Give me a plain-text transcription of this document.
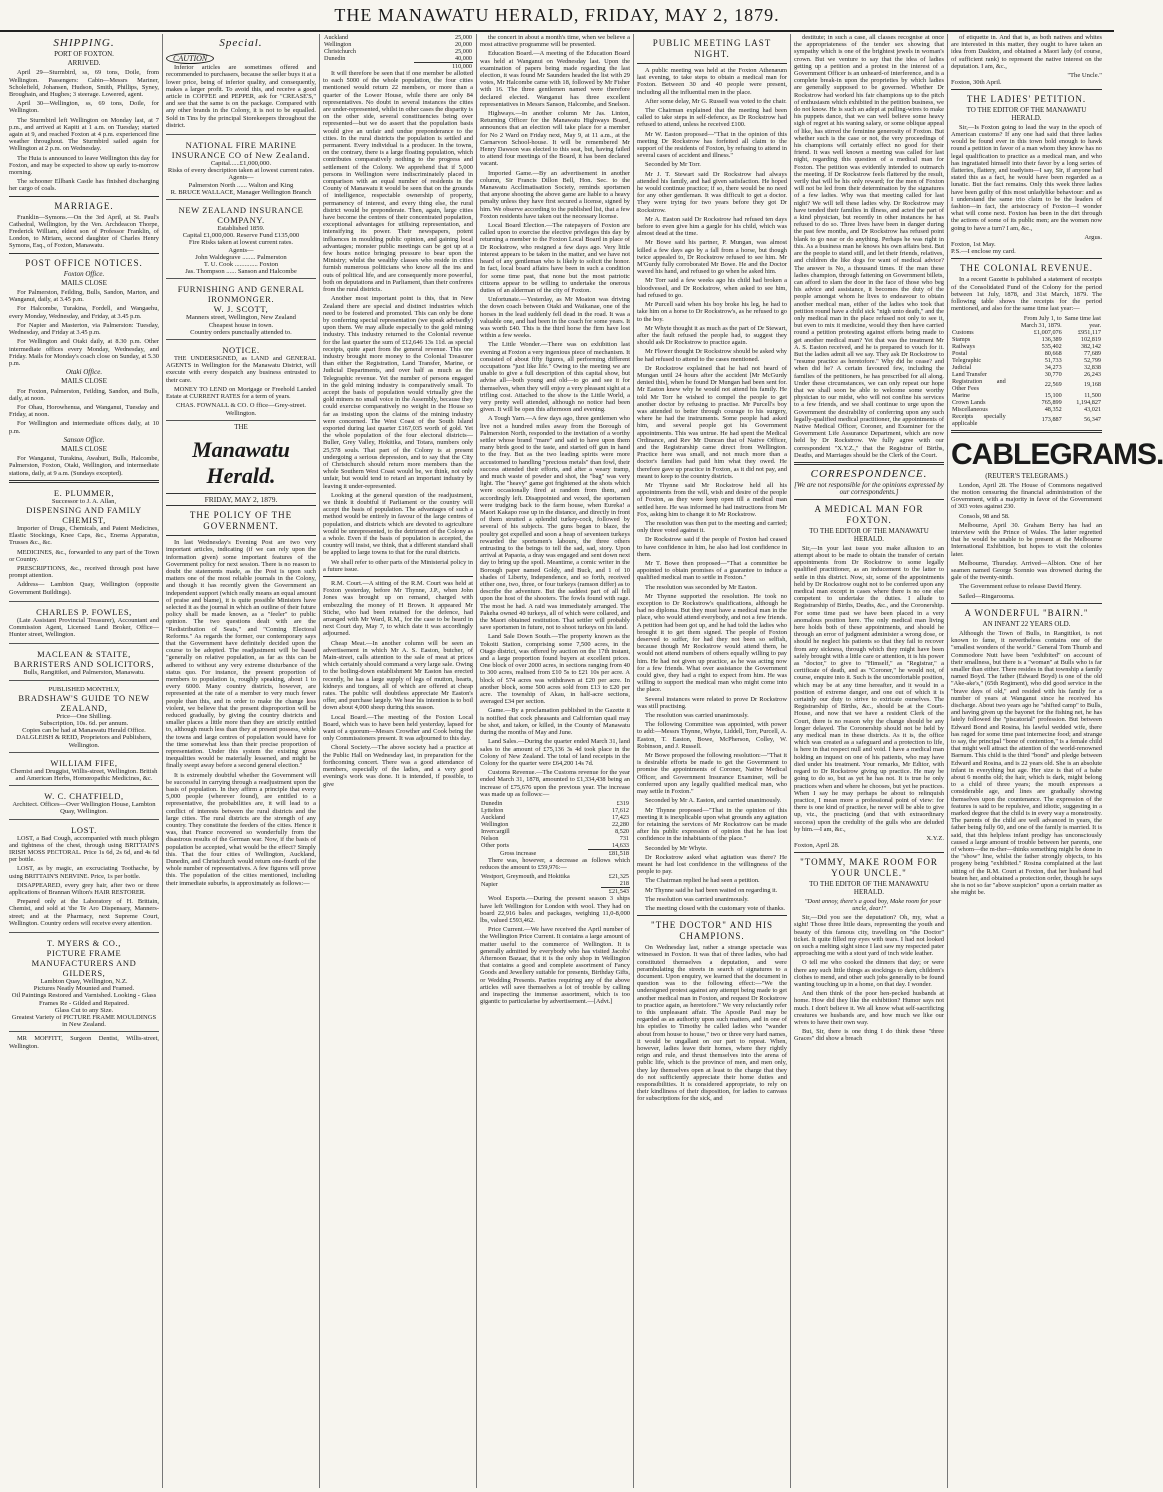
THE MANAWATU HERALD, FRIDAY, MAY 2, 1879.
SHIPPING.
PORT OF FOXTON.
ARRIVED.

April 29—Sturmbird, ss, 69 tons, Doile, from Wellington. Passengers: Cabin—Messrs Mariner, Scholefield, Johansen, Hudson, Smith, Phillips, Syney, Broughain, and Hughes; 3 steerage. Lowered, agent.

April 30—Wellington, ss, 69 tons, Doile, for Wellington.

The Sturmbird left Wellington on Monday last, at 7 p.m., and arrived at Kapiti at 1 a.m. on Tuesday; started again at 9, and reached Foxton at 4 p.m. experienced fine weather throughout. The Sturmbird sailed again for Wellington at 2 p.m. on Wednesday.

The Huia is announced to leave Wellington this day for Foxton, and may be expected to show up early to-morrow morning.

The schooner Ellbank Castle has finished discharging her cargo of coals.

MARRIAGE.

Franklin—Symons.—On the 3rd April, at St. Paul's Cathedral, Wellington, by the Ven. Archdeacon Thorpe, Frederick William, eldest son of Professor Franklin, of London, to Miriam, second daughter of Charles Henry Symons, Esq., of Foxton, Manawatu.

POST OFFICE NOTICES.
Foxton Office.
MAILS CLOSE

For Palmerston, Feilding, Bulls, Sandon, Marton, and Wanganui, daily, at 3.45 p.m.

For Halcombe, Turakina, Fordell, and Wangaehu, every Monday, Wednesday, and Friday, at 3.45 p.m.

For Napier and Masterton, via Palmerston: Tuesday, Wednesday, and Friday at 3.45 p.m.

For Wellington and Otaki daily, at 8.30 p.m. Other intermediate offices every Monday, Wednesday, and Friday. Mails for Monday's coach close on Sunday, at 5.30 p.m.

Otaki Office.
MAILS CLOSE

For Foxton, Palmerston, Feilding, Sandon, and Bulls, daily, at noon.

For Ohau, Horowhenua, and Wanganui, Tuesday and Friday, at noon.

For Wellington and intermediate offices daily, at 10 p.m.

Sanson Office.
MAILS CLOSE

For Wanganui, Turakina, Awahuri, Bulls, Halcombe, Palmerston, Foxton, Otaki, Wellington, and intermediate stations, daily, at 9 a.m. (Sundays excepted).

E. PLUMMER,
Successor to J. A. Allan,
DISPENSING AND FAMILY CHEMIST,

Importer of Drugs, Chemicals, and Patent Medicines, Elastic Stockings, Knee Caps, &c., Enema Apparatus, Trusses &c., &c.

MEDICINES, &c., forwarded to any part of the Town or Country.

PRESCRIPTIONS, &c., received through post have prompt attention.

Address— Lambton Quay, Wellington (opposite Government Buildings).

CHARLES P. FOWLES,

(Late Assistant Provincial Treasurer), Accountant and Commission Agent, Licensed Land Broker, Office—Hunter street, Wellington.

MACLEAN & STAITE,
BARRISTERS AND SOLICITORS,
Bulls, Rangitikei, and Palmerston, Manawatu.
PUBLISHED MONTHLY,
BRADSHAW'S GUIDE TO NEW ZEALAND,
Price—One Shilling.
Subscription, 10s. 6d. per annum.
Copies can be had at Manawatu Herald Office.
DALGLEISH & REID, Proprietors and Publishers, Wellington.
WILLIAM FIFE,
Chemist and Druggist, Willis-street, Wellington. British and American Herbs, Homœopathic Medicines, &c.
W. C. CHATFIELD,
Architect. Offices—Over Wellington House, Lambton Quay, Wellington.
LOST.

LOST, a Bad Cough, accompanied with much phlegm and tightness of the chest, through using BRITTAIN'S IRISH MOSS PECTORAL. Price 1s 6d, 2s 6d, and 4s 6d per bottle.

LOST, as by magic, an excruciating Toothache, by using BRITTAIN'S NERVINE. Price, 1s per bottle.

DISAPPEARED, every grey hair, after two or three applications of Brannan Wilton's HAIR RESTORER.

Prepared only at the Laboratory of H. Brittain, Chemist, and sold at 'the Te Aro Dispensary, Manners-street; and at the Pharmacy, next Supreme Court, Wellington. Country orders will receive every attention.

T. MYERS & CO.,
PICTURE FRAME MANUFACTURERS AND GILDERS,
Lambton Quay, Wellington, N.Z.
Pictures Neatly Mounted and Framed.
Oil Paintings Restored and Varnished. Looking - Glass Frames Re - Gilded and Repaired.
Glass Cut to any Size.
Greatest Variety of PICTURE FRAME MOULDINGS in New Zealand.

MR MOFFITT, Surgeon Dentist, Willis-street, Wellington.

Special.
CAUTION

Inferior articles are sometimes offered and recommended to purchasers, because the seller buys it at a lower price, being of inferior quality, and consequently, makes a larger profit. To avoid this, and receive a good article in COFFEE and PEPPER, ask for "CREASE'S," and see that the same is on the package. Compared with any other brands in the Colony, it is not to be equalled. Sold in Tins by the principal Storekeepers throughout the district.

NATIONAL FIRE MARINE INSURANCE CO of New Zealand.
Capital......£1,000,000.
Risks of every description taken at lowest current rates.
Agents—
Palmerston North ...... Walton and King
R. BRUCE WALLACE, Manager Wellington Branch
NEW ZEALAND INSURANCE COMPANY.
Established 1859.
Capital £1,000,000. Reserve Fund £135,000
Fire Risks taken at lowest current rates.
Agents—
John Waldegrave ........ Palmerston
T. U. Cook .............. Foxton
Jas. Thompson ...... Sanson and Halcombe
FURNISHING AND GENERAL IRONMONGER.
W. J. SCOTT,
Manners street, Wellington, New Zealand
Cheapest house in town.
Country orders punctually attended to.
NOTICE.

THE UNDERSIGNED, as LAND and GENERAL AGENTS in Wellington for the Manawatu District, will execute with every despatch any business entrusted to their care.

MONEY TO LEND on Mortgage or Freehold Landed Estate at CURRENT RATES for a term of years.

CHAS. FOWNALL & CO. O ffice—Grey-street. Wellington.
THE
Manawatu Herald.
FRIDAY, MAY 2, 1879.
THE POLICY OF THE GOVERNMENT.

In last Wednesday's Evening Post are two very important articles, indicating (if we can rely upon the information given) some important features of the Government policy for next session. There is no reason to doubt the statements made, as the Post is upon such matters one of the most reliable journals in the Colony, and though it has recently given the Government an independent support (which really means an equal amount of praise and blame), it is quite possible Ministers have selected it as the journal in which an outline of their future policy shall be made known, as a "feeler" to public opinion. The two questions dealt with are the "Redistribution of Seats," and "Coming Electoral Reforms." As regards the former, our contemporary says that the Government have definitely decided upon the course to be adopted. The readjustment will be based "generally on relative population, as far as this can be adhered to without any very extreme disturbance of the status quo. For instance, the present proportion of members to population is, roughly speaking, about 1 to every 6000. Many country districts, however, are represented at the rate of a member to very much fewer people than this, and in order to make the change less violent, we believe that the present disproportion will be reduced gradually, by giving the country districts and smaller places a little more than they are strictly entitled to, although much less than they at present possess, while the towns and large centres of population would have for the time somewhat less than their precise proportion of representation. Under this system the existing gross inequalities would be materially lessened, and might be finally swept away before a second general election."

It is extremely doubtful whether the Government will be successful in carrying through a readjustment upon the basis of population. In they affirm a principle that every 5,000 people (wherever found), are entitled to a representative, the probabilities are, it will lead to a conflict of interests between the rural districts and the large cities. The rural districts are the strength of any country. They constitute the feeders of the cities. Hence it was, that France recovered so wonderfully from the disastrous results of the German war. Now, if the basis of population be accepted, what would be the effect? Simply this. That the four cities of Wellington, Auckland, Dunedin, and Christchurch would return one-fourth of the whole number of representatives. A few figures will prove this. The population of the cities mentioned, including their immediate suburbs, is approximately as follows:—

Auckland	25,000
Wellington	20,000
Christchurch	25,000
Dunedin	40,000
	110,000

It will therefore be seen that if one member be allotted to each 5000 of the whole population, the four cities mentioned would return 22 members, or more than a quarter of the Lower House, while there are only 84 representatives. No doubt in several instances the cities are under-represented, whilst in other cases the disparity is on the other side, several constituencies being over represented—but we do assert that the population basis would give an unfair and undue preponderance to the cities. In the rural districts the population is settled and permanent. Every individual is a producer. In the towns, on the contrary, there is a large floating population, which contributes comparatively nothing to the progress and settlement of the Colony. We apprehend that if 5,000 persons in Wellington were indiscriminately placed in comparison with an equal number of residents in the County of Manawatu it would be seen that on the grounds of intelligence, respectable ownership of property, permanency of interest, and every thing else, the rural district would be preponderate. Then, again, large cities have become the centres of their concentrated population, exceptional advantages for utilising representation, and intensifying its power. Their newspapers, potent influences in moulding public opinion, and gaining local advantages; monster public meetings can be got up at a few hours notice bringing pressure to bear upon the Ministry; whilst the wealthy classes who reside in cities furnish numerous politicians who know all the ins and outs of political life, and are consequently more powerful, both on deputations and in Parliament, than their confreres from the rural districts.

Another most important point is this, that in New Zealand there are special and distinct industries which need to be fostered and promoted. This can only be done by conferring special representation (we speak advisedly) upon them. We may allude especially to the gold mining industry. This industry returned to the Colonial revenue for the last quarter the sum of £12,646 13s 11d. as special receipts, quite apart from the general revenue. This one industry brought more money to the Colonial Treasurer than either the Registration, Land Transfer, Marine, or Judicial Departments, and over half as much as the Telegraphic revenue. Yet the number of persons engaged in the gold mining industry is comparatively small. To accept the basis of population would virtually give the gold miners no small voice in the Assembly, because they could exercise comparatively no weight in the House so far as insisting upon the claims of the mining industry were concerned. The West Coast of the South Island exported during last quarter £167,035 worth of gold. Yet the whole population of the four electoral districts—Buller, Grey Valley, Hokitika, and Totara, numbers only 25,578 souls. That part of the Colony is at present undergoing a serious depression, and to say that the City of Christchurch should return more members than the whole Southern West Coast would be, we think, not only unfair, but would tend to retard an important industry by leaving it under-represented.

Looking at the general question of the readjustment, we think it doubtful if Parliament or the country will accept the basis of population. The advantages of such a method would be entirely in favour of the large centres of population, and districts which are devoted to agriculture would be unrepresented, to the detriment of the Colony as a whole. Even if the basis of population is accepted, the country will insist, we think, that a different standard shall be applied to large towns to that for the rural districts.

We shall refer to other parts of the Ministerial policy in a future issue.

R.M. Court.—A sitting of the R.M. Court was held at Foxton yesterday, before Mr Thynne, J.P., when John Jones was brought up on remand, charged with embezzling the money of H Brown. It appeared Mr Stiche, who had been retained for the defence, had arranged with Mr Ward, R.M., for the case to be heard in next Court day, May 7, to which date it was accordingly adjourned.

Cheap Meat.—In another column will be seen an advertisement in which Mr A. S. Easton, butcher, of Main-street, calls attention to the sale of meat at prices which certainly should command a very large sale. Owing to the boiling-down establishment Mr Easton has erected recently, he has a large supply of legs of mutton, hearts, kidneys and tongues, all of which are offered at cheap rates. The public will doubtless appreciate Mr Easton's offer, and purchase largely. We hear his intention is to boil down about 4,000 sheep during this season.

Local Board.—The meeting of the Foxton Local Board, which was to have been held yesterday, lapsed for want of a quorum—Messrs Crowther and Cook being the only Commissioners present. It was adjourned to this day.

Choral Society.—The above society had a practice at the Public Hall on Wednesday last, in preparation for the forthcoming concert. There was a good attendance of members, especially of the ladies, and a very good evening's work was done. It is intended, if possible, to give

the concert in about a month's time, when we believe a most attractive programme will be presented.

Education Board.—A meeting of the Education Board was held at Wanganui on Wednesday last. Upon the examination of papers being made regarding the last election, it was found Mr Saunders headed the list with 29 votes, Mr Halcombe came with 18, followed by Mr Fisher with 16. The three gentlemen named were therefore declared elected. Wanganui has three excellent representatives in Messrs Sanson, Halcombe, and Snelson.

Highways.—In another column Mr Jas. Linton, Returning Officer for the Manawatu Highways Board, announces that an election will take place for a member for No 2 Ward on Friday next, May 9, at 11 a.m., at the Carnarvon School-house. It will be remembered Mr Henry Dawson was elected to this seat, but, having failed to attend four meetings of the Board, it has been declared vacant.

Imported Game.—By an advertisement in another column, Sir Francis Dillon Bell, Hon. Sec. to the Manawatu Acclimatisation Society, reminds sportsmen that anyone shooting the above game are liable to a heavy penalty unless they have first secured a license, signed by him. We observe according to the published list, that a few Foxton residents have taken out the necessary license.

Local Board Election.—The ratepayers of Foxton are called upon to exercise the elective privileges this day by returning a member to the Foxton Local Board in place of Dr Rockstrow, who resigned a few days ago. Very little interest appears to be taken in the matter, and we have not heard of any gentleman who is likely to solicit the honor. In fact, local board affairs have been in such a condition for some time past, that none but the most patriotic citizens appear to be willing to undertake the onerous duties of an alderman of the city of Foxton.

Unfortunate.—Yesterday, as Mr Moaton was driving the down coach between Otaki and Waikanae, one of the horses in the lead suddenly fell dead in the road. It was a valuable one, and had been in the coach for some years. It was worth £40. This is the third horse the firm have lost within a few weeks.

The Little Wonder.—There was on exhibition last evening at Foxton a very ingenious piece of mechanism. It consisted of about fifty figures, all performing different occupations "just like life." Owing to the meeting we are unable to give a full description of this capital show, but advise all—both young and old—to go and see it for themselves, when they will enjoy a very pleasant sight at a trifling cost. Attached to the show is the Little World, a very pretty well attended, although no notice had been given. It will be open this afternoon and evening.

A Tough Yarn.—A few days ago, three gentlemen who live not a hundred miles away from the Borough of Palmerston North, responded to the invitation of a worthy settler whose brand "mare" and said to have upon them many birds good to the taste, and started off gun in hand to the fray. But as the two leading spirits were more accustomed to handling "precious metals" than fowl, their success attended their efforts, and after a weary tramp, and much waste of powder and shot, the "bag" was very light. The "heavy" game got frightened at the shots which were occasionally fired at random from them, and accordingly left. Disappointed and vexed, the sportsmen were trudging back to the farm house, when Eureka! a Maori Kakapo rose up in the distance, and directly in front of them strutted a splendid turkey-cock, followed by several of his subjects. The guns began to blaze, the poultry got expelled and soon a heap of seventeen turkeys rewarded the sportsmen's labours, the three others entrusting to the beings to tell the sad, sad, story. Upon arrival at Papaoia, a dray was engaged and sent down next day to bring up the spoil. Meantime, a comic writer in the Borough paper named Goldy, and Buck, and 1 of 10 shades of Liberty, Independence, and so forth, received either one, two, three, or four turkeys (ramson differ) as to describe the adventure. But the saddest part of all fell upon the host of the shooters. The fowls found with rage. The most he had. A raid was immediately arranged. The Pakeha owned 40 turkeys, all of which were collared, and the Maori obtained restitution. That settler will probably save sportsmen in future, not to shoot turkeys on his land.

Land Sale Down South.—The property known as the Tokoiti Station, comprising some 7,500 acres, in the Otago district, was offered by auction on the 17th instant, and a large proportion found buyers at excellent prices. One block of over 2000 acres, in sections ranging from 40 to 300 acres, realised from £10 5s to £21 10s per acre. A block of 574 acres was withdrawn at £20 per acre. In another block, some 500 acres sold from £13 to £20 per acre. The township of Akau, in half-acre sections, averaged £34 per section.

Game.—By a proclamation published in the Gazette it is notified that cock pheasants and Californian quail may be shot, and taken, or killed, in the County of Manawatu during the months of May and June.

Land Sales.—During the quarter ended March 31, land sales to the amount of £75,136 3s 4d took place in the Colony of New Zealand. The total of land receipts in the Colony for the quarter were £64,200 14s 7d.

Customs Revenue.—The Customs revenue for the year ended March 31, 1878, amounted to £1,334,438 being an increase of £75,676 upon the previous year. The increase was made up as follows:—

Dunedin	£319
Lyttelton	17,612
Auckland	17,423
Wellington	22,280
Invercargill	8,520
Nelson	731
Other ports	14,633
Gross increase	£81,518

There was, however, a decrease as follows which reduces the amount to £59,976:—

Westport, Greymouth, and Hokitika	£21,325
Napier	218
	£21,543

Wool Exports.—During the present season 3 ships have left Wellington for London with wool. They had on board 22,916 bales and packages, weighing 11,0-8,000 lbs, valued £593,462.

Price Current.—We have received the April number of the Wellington Price Current. It contains a large amount of matter useful to the commerce of Wellington. It is generally admitted by everybody who has visited Jacobs' Afternoon Bazaar, that it is the only shop in Wellington that contains a good and complete assortment of Fancy Goods and Jewellery suitable for presents, Birthday Gifts, or Wedding Presents. Parties requiring any of the above articles will save themselves a lot of trouble by calling and inspecting the immense assortment, which is too gigantic to particularise by advertisement.—[Advt.]

PUBLIC MEETING LAST NIGHT.

A public meeting was held at the Foxton Athenæum last evening, to take steps to obtain a medical man for Foxton. Between 30 and 40 people were present, including all the influential men in the place.

After some delay, Mr G. Russell was voted to the chair.

The Chairman explained that the meeting had been called to take steps in self-defence, as Dr Rockstrow had refused to attend, unless he received £100.

Mr W. Easton proposed—"That in the opinion of this meeting Dr Rockstrow has forfeited all claim to the support of the residents of Foxton, by refusing to attend in several cases of accident and illness."

Seconded by Mr Torr.

Mr J. T. Stewart said Dr Rockstrow had always attended his family, and had given satisfaction. He hoped he would continue practice; if so, there would be no need for any other gentleman. It was difficult to get a doctor. They were trying for two years before they got Dr Rockstrow.

Mr A. Easton said Dr Rockstrow had refused ten days before to even give him a gargle for his child, which was almost dead at the time.

Mr Bowe said his partner, P. Mungan, was almost killed a few days ago by a fall from a horse, but though twice appealed to, Dr Rockstrow refused to see him. Mr M'Gurdy fully corroborated Mr Bowe. He and the Doctor waved his hand, and refused to go when he asked him.

Mr Torr said a few weeks ago his child had broken a bloodvessel, and Dr Rockstrow, when asked to see him, had refused to go.

Mr Purcell said when his boy broke his leg, he had to take him on a horse to Dr Rockstrow's, as he refused to go to the boy.

Mr Whyte thought it as much as the part of Dr Stewart, after the fault refused the people had, to suggest they should ask Dr Rockstrow to practice again.

Mr Flower thought Dr Rockstrow should be asked why he had refused to attend to the cases mentioned.

Dr Rockstrow explained that he had not heard of Mungan until 24 hours after the accident [Mr McGurdy denied this], when he found Dr Mungan had been sent for. Mr Easton knew why he would not attend his family. He told Mr Torr he wished to compel the people to get another doctor by refusing to practise. Mr Purcell's boy was attended to better through courage to his surgery, where he had the instruments. Some people had asked him, and several people got his Government appointments. This was untrue. He had spent the Medical Ordinance, and Rev Mr Duncan that of Native Officer, and the Registrarship came direct from Wellington. Practice here was small, and not much more than a doctor's families had paid him what they owed. He therefore gave up practice in Foxton, as it did not pay, and meant to keep to the country districts.

Mr Thynne said Mr Rockstrow held all his appointments from the will, wish and desire of the people of Foxton, as they were keep open till a medical man settled here. He was informed he had instructions from Mr Fox, asking him to change it to Mr Rockstrow.

The resolution was then put to the meeting and carried; only three voted against it.

Dr Rockstrow said if the people of Foxton had ceased to have confidence in him, he also had lost confidence in them.

Mr T. Bowe then proposed—"That a committee be appointed to obtain promises of a guarantee to induce a qualified medical man to settle in Foxton."

The resolution was seconded by Mr Easton.

Mr Thynne supported the resolution. He took no exception to Dr Rockstrow's qualifications, although he had no diploma. But they must have a medical man in the place, who would attend everybody, and not a few friends. A petition had been got up, and he had told the ladies who brought it to get them signed. The people of Foxton deserved to suffer, for had they not been so selfish, because though Mr Rockstrow would attend them, he would not attend numbers of others equally willing to pay him. He had not given up practice, as he was acting now for a few friends. What over assistance the Government could give, they had a right to expect from him. He was willing to support the medical man who might come into the place.

Several instances were related to prove Dr Rockstrow was still practising.

The resolution was carried unanimously.

The following Committee was appointed, with power to add:—Messrs Thynne, Whyte, Liddell, Torr, Purcell, A. Easton, T. Easton, Bowe, McPherson, Colley, W. Robinson, and J. Russell.

Mr Bowe proposed the following resolution:—"That it is desirable efforts be made to get the Government to promise the appointments of Coroner, Native Medical Officer, and Government Insurance Examiner, will be conferred upon any legally qualified medical man, who may settle in Foxton."

Seconded by Mr A. Easton, and carried unanimously.

Mr Thynne proposed—"That in the opinion of this meeting it is inexplicable upon what grounds any agitation for retaining the services of Mr Rockstrow can be made after his public expression of opinion that he has lost confidence in the inhabitants of the place."

Seconded by Mr Whyte.

Dr Rockstrow asked what agitation was there? He meant he had lost confidence in the willingness of the people to pay.

The Chairman replied he had seen a petition.

Mr Thynne said he had been waited on regarding it.

The resolution was carried unanimously.

The meeting closed with the customary vote of thanks.

"THE DOCTOR" AND HIS CHAMPIONS.

On Wednesday last, rather a strange spectacle was witnessed in Foxton. It was that of three ladies, who had constituted themselves a deputation, and were perambulating the streets in search of signatures to a document. Upon enquiry, we learned that the document in question was to the following effect:—"We the undersigned protest against any attempt being made to get another medical man in Foxton, and request Dr Rockstrow to practice again, as heretofore." We very reluctantly refer to this unpleasant affair. The Apostle Paul may be regarded as an authority upon such matters, and in one of his epistles to Timothy he called ladies who "wander about from house to house," two or three very hard names, it would be ungallant on our part to repeat. When, however, ladies leave their homes, where they rightly reign and rule, and thrust themselves into the arena of public life, which is the province of men, and men only, they lay themselves open at least to the charge that they do not sufficiently appreciate their home duties and responsibilities. It is considered appropriate, to rely on their kindliness of their disposition, for ladies to canvass for subscriptions for the sick, and

destitute; in such a case, all classes recognise at once the appropriateness of the tender sex showing that sympathy which is one of the brightest jewels in woman's crown. But we venture to say that the idea of ladies getting up a petition and a protest in the interest of a Government Officer is an unheard-of interference, and is a complete break-in upon the proprieties by which ladies are generally supposed to be governed. Whether Dr Rockstrow had worked his fair champions up to the pitch of enthusiasm which exhibited in the petition business, we do not know. He is such an adept at pulling-wires to make his puppets dance, that we can well believe some heavy sigh of regret at his waning salary, or some oblique appeal of like, has stirred the feminine generosity of Foxton. But whether such is the case or not, the very proceedings of his champions will certainly effect no good for their friend. It was well known a meeting was called for last night, regarding this question of a medical man for Foxton. The petition was evidently intended to outmarch the meeting. If Dr Rockstrow feels flattered by the result, verily that will be his only reward; for the men of Foxton will not be led from their determination by the signatures of a few ladies. Why was that meeting called for last night? We will tell these ladies why. Dr Rockstrow may have tended their families in illness, and acted the part of a kind physician, but recently in other instances he has refused to do so. Three lives have been in danger during the past few months, and Dr Rockstrow has refused point blank to go near or do anything. Perhaps he was right in this. As a business man he knows his own affairs best. But are the people to stand still, and let their friends, relatives, and children die like dogs for want of medical advice? The answer is No, a thousand times. If the man these ladies champion, through fattening on Government billets, can afford to slam the door in the face of those who beg his advice and assistance, it becomes the duty of the people amongst whom he lives to endeavour to obtain another medical man, either of the ladies who took that petition round have a child sick "nigh unto death," and the only medical man in the place refused not only to see it, but even to mix it medicine, would they then have carried round a petition protesting against efforts being made to get another medical man? Yet that was the treatment Mr A. S. Easton received, and he is prepared to vouch for it. But the ladies admit all we say. They ask Dr Rockstrow to "resume practice as heretofore." Why did he cease? and when did he? A certain favoured few, including the families of the petitioners, he has prescribed for all along. Under these circumstances, we can only repeat our hope that we shall soon be able to welcome some worthy physician to our midst, who will not confine his services to a few friends, and we shall continue to urge upon the Government the desirability of conferring upon any such legally-qualified medical practitioner, the appointments of Native Medical Officer, Coroner, and Examiner for the Government Life Assurance Department, which are now held by Dr Rockstrow. We fully agree with our correspondent "X.Y.Z.," that the Registrar of Births, Deaths, and Marriages should be the Clerk of the Court.

CORRESPONDENCE.
[We are not responsible for the opinions expressed by our correspondents.]
A MEDICAL MAN FOR FOXTON.
TO THE EDITOR OF THE MANAWATU HERALD.

Sir,—In your last issue you make allusion to an attempt about to be made to obtain the transfer of certain appointments from Dr Rockstrow to some legally qualified practitioner, as an inducement to the latter to settle in this district. Now, sir, some of the appointments held by Dr Rockstrow ought not to be conferred upon any medical man except in cases where there is no one else competent to undertake the duties. I allude to Registrarship of Births, Deaths, &c., and the Coronership. For some time past we have been placed in a very anomalous position here. The only medical man living here holds both of these appointments, and should he through an error of judgment administer a wrong dose, or should he neglect his patients so that they fail to recover from any sickness, through which they might have been safely brought with a little care or attention, it is his power as "doctor," to give to "Himself," as "Registrar," a certificate of death, and as "Coroner," he would not, of course, enquire into it. Such is the uncomfortable position, which may be at any time hereafter, and it would in a position of extreme danger, and one out of which it is certainly our duty to strive to extricate ourselves. The Registrarship of Births, &c., should be at the Court-House, and now that we have a resident Clerk of the Court, there is no reason why the change should be any longer delayed. The Coronership should not be held by any medical man in these districts. As it is, the office which was created as a safeguard and a protection to life, is here in that respect null and void. I have a medical man holding an inquest on one of his patients, who may have died under his treatment. Your remarks, Mr Editor, with regard to Dr Rockstrow giving up practice. He may be going to do so, but as yet he has not. It is true he only practices when and where he chooses, but yet he practices. When I say he may perhaps be about to relinquish practice, I mean more a professional point of view: for there is one kind of practice, he never will be able to give up, viz., the practicing (and that with extraordinary success) upon the credulity of the gulls who are deluded by him.—I am, &c.,

X.Y.Z.
Foxton, April 28.
"TOMMY, MAKE ROOM FOR YOUR UNCLE."
TO THE EDITOR OF THE MANAWATU HERALD.

"Dont annoy, there's a good boy, Make room for your uncle, dear!"

Sir,—Did you see the deputation? Oh, my, what a sight! Those three little dears, representing the youth and beauty of this famous city, travelling on "the Doctor" ticket. It quite filled my eyes with tears. I had not looked on such a melting sight since I last saw my respected pater approaching me with a stout yard of inch wide leather.

O tell me who cooked the dinners that day; or were there any such little things as stockings to darn, children's clothes to mend, and other such jobs generally to be found wanting touching up in a home, on that day. I wonder.

And then think of the poor hen-pecked husbands at home. How did they like the exhibition? Humor says not much. I don't believe it. We all know what self-sacrificing creatures we husbands are, and how much we like our wives to have their own way.

But, Sir, there is one thing I do think these "three Graces" did show a breach

of etiquette in. And that is, as both natives and whites are interested in this matter, they ought to have taken an idea from Daskton, and obtained a Maori lady (of course, of sufficient rank) to represent the native interest on the deputation. I am, &c.,

"The Uncle."
Foxton, 30th April.
THE LADIES' PETITION.
TO THE EDITOR OF THE MANAWATU HERALD.

Sir,—Is Foxton going to lead the way in the epoch of American customs? If any one had said that three ladies would be found ever in this town bold enough to hawk round a petition in favor of a man whom they know has no legal qualification to practice as a medical man, and who has ingratiated himself into their favor by a long series of flatteries, flattery, and toadyism—I say, Sir, if anyone had stated this as a fact, he would have been regarded as a lunatic. But the fact remains. Only this week three ladies have been guilty of this most unladylike behaviour: and as I understand the same trio claim to be the leaders of fashion—in fact, the aristocracy of Foxton—I wonder what will come next. Foxton has been in the dirt through the actions of some of its public men; are the women now going to have a turn? I am, &c.,

Argus.
Foxton, 1st May.
P.S.—I enclose my card.
THE COLONIAL REVENUE.

In a recent Gazette is published a statement of receipts of the Consolidated Fund of the Colony for the period between 1st July, 1878, and 31st March, 1879. The following table shows the receipts for the period mentioned, and also for the same time last year:—

	From July 1, to March 31, 1879.	Same time last year.
Customs	£1,007,076	£951,117
Stamps	136,389	102,819
Railways	535,402	382,142
Postal	80,668	77,689
Telegraphic	51,733	52,799
Judicial	34,273	32,838
Land Transfer	30,770	26,243
Registration and Other Fees	22,569	19,168
Marine	15,100	11,500
Crown Lands	765,899	1,194,827
Miscellaneous	48,352	43,021
Receipts specially applicable	173,887	56,347
CABLEGRAMS.
(REUTER'S TELEGRAMS.)

London, April 28. The House of Commons negatived the motion censuring the financial administration of the Government, with a majority in favor of the Government of 303 votes against 230.

Consols, 98 and 58.

Melbourne, April 30. Graham Berry has had an interview with the Prince of Wales. The latter regretted that he would be unable to be present at the Melbourne International Exhibition, but hopes to visit the colonies later.

Melbourne, Thursday. Arrived—Albion. One of her seamen named George Scennio was drowned during the gale of the twenty-ninth.

The Government refuse to release David Henry.

Sailed—Ringarooma.

A WONDERFUL "BAIRN."
AN INFANT 22 YEARS OLD.

Although the Town of Bulls, in Rangitikei, is not known to fame, it nevertheless contains one of the "smallest wonders of the world." General Tom Thumb and Commodore Nutt have been "exhibited" on account of their smallness, but there is a "woman" at Bulls who is far smaller than either. There resides in that township a family named Boyd. The father (Edward Boyd) is one of the old "Ake-ake's," (65th Regiment), who did good service in the "brave days of old," and resided with his family for a number of years at Wanganui since he received his discharge. About two years ago he "shifted camp" to Bulls, and having given up the bayonet for the fishing net, he has lately followed the "piscatorial" profession. But between Edward Bond and Rosina, his lawful wedded wife, there has raged for some time past internecine food; and strange to say, the principal "bone of contention," is a female child that might well attract the attention of the world-renowned Barnum. This child is the third "bond" and pledge between Edward and Rosina, and is 22 years old. She is an absolute infant in everything but age. Her size is that of a babe about 6 months old; the hair, which is dark, might belong to a child of three years; the mouth expresses a considerable age, and lines are gradually showing themselves upon the countenance. The expression of the features is said to be repulsive, and idiotic, suggesting in a marked degree that the child is in every way a monstrosity. The parents of the child are well advanced in years, the father being fully 60, and one of the family is married. It is said, that this helpless infant prodigy has unconsciously caused a large amount of trouble between her parents, one of whom—the m-ther—thinks something might be done in the "show" line, whilst the father strongly objects, to his progeny being "exhibited." Rosina complained at the last sitting of the R.M. Court at Foxton, that her husband had beaten her, and obtained a protection order, though he says she is not so far "above suspicion" upon a certain matter as she might be.
